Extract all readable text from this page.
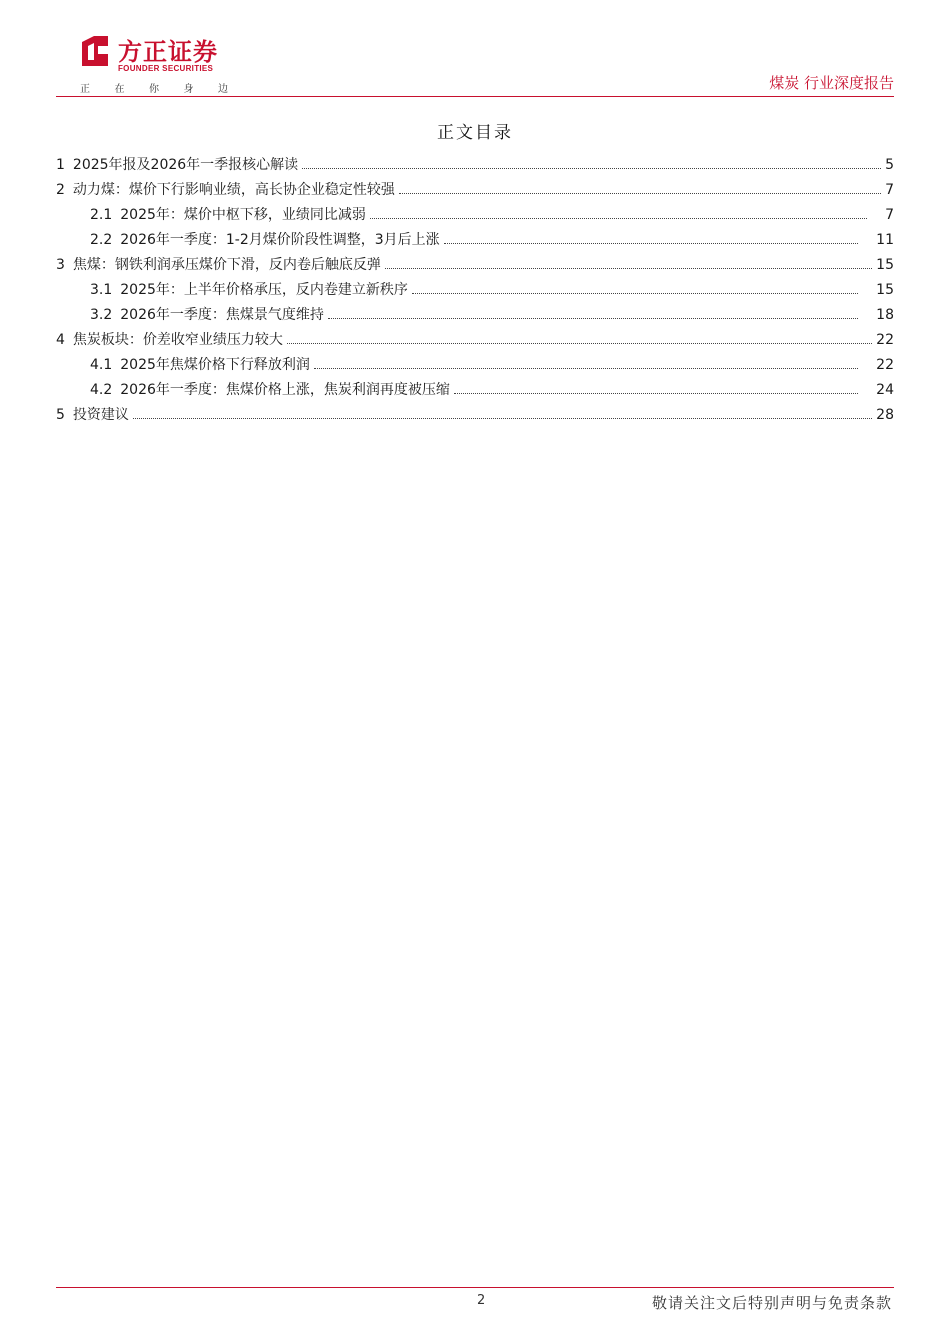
方正证券
FOUNDER SECURITIES
正 在 你 身 边	煤炭 行业深度报告
正文目录
1 2025年报及2026年一季报核心解读	5
2 动力煤：煤价下行影响业绩，高长协企业稳定性较强	7
2.1 2025年：煤价中枢下移，业绩同比减弱	7
2.2 2026年一季度：1-2月煤价阶段性调整，3月后上涨	11
3 焦煤：钢铁利润承压煤价下滑，反内卷后触底反弹	15
3.1 2025年：上半年价格承压，反内卷建立新秩序	15
3.2 2026年一季度：焦煤景气度维持	18
4 焦炭板块：价差收窄业绩压力较大	22
4.1 2025年焦煤价格下行释放利润	22
4.2 2026年一季度：焦煤价格上涨，焦炭利润再度被压缩	24
5 投资建议	28
2	敬请关注文后特别声明与免责条款
